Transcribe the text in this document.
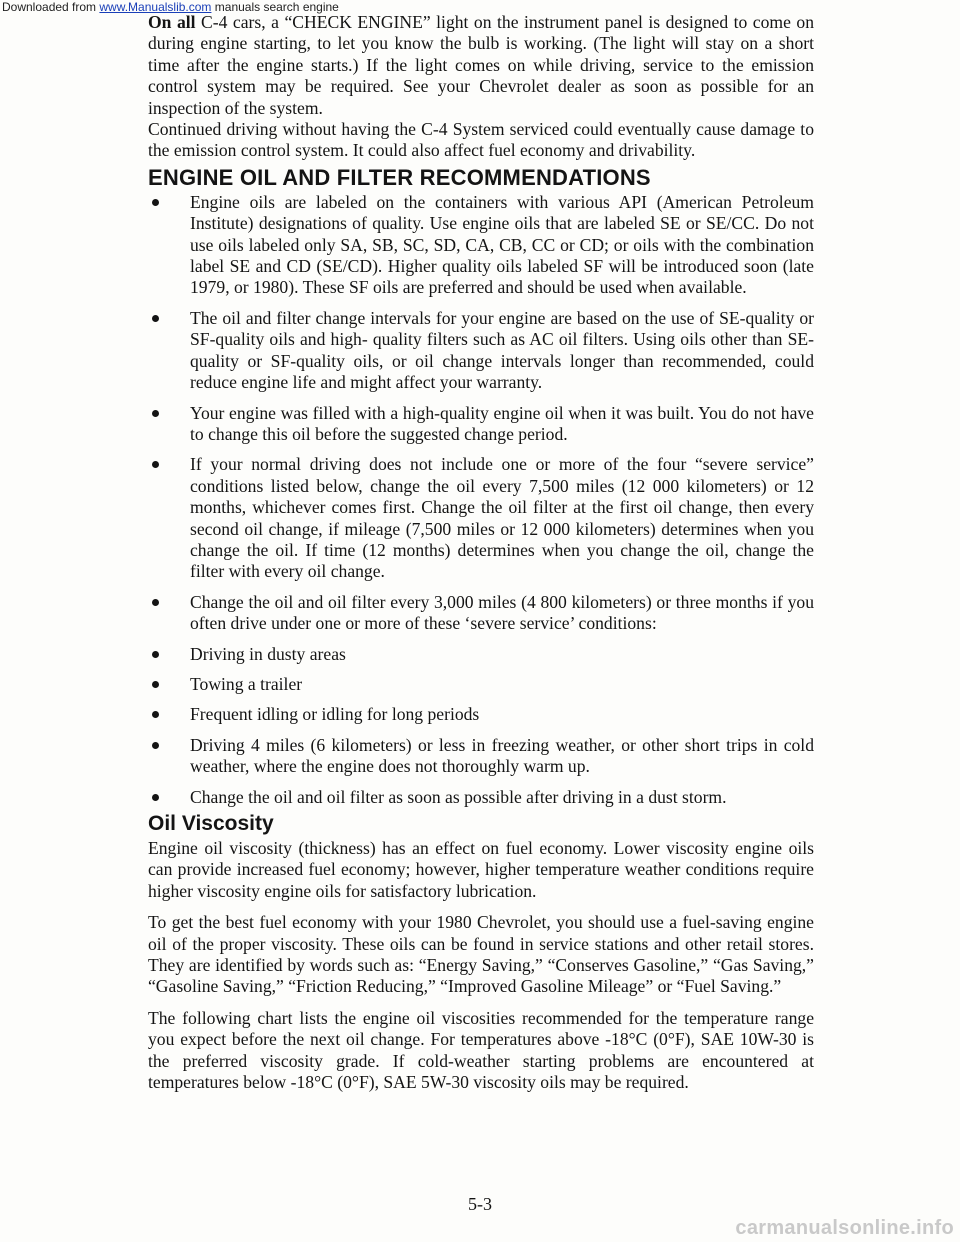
Downloaded from www.Manualslib.com manuals search engine

On all C-4 cars, a “CHECK ENGINE” light on the instrument panel is designed to come on during engine starting, to let you know the bulb is working. (The light will stay on a short time after the engine starts.) If the light comes on while driving, service to the emission control system may be required. See your Chevrolet dealer as soon as possible for an inspection of the system.

Continued driving without having the C-4 System serviced could eventually cause damage to the emission control system. It could also affect fuel economy and drivability.

ENGINE OIL AND FILTER RECOMMENDATIONS
Engine oils are labeled on the containers with various API (American Petroleum Institute) designations of quality. Use engine oils that are labeled SE or SE/CC. Do not use oils labeled only SA, SB, SC, SD, CA, CB, CC or CD; or oils with the combination label SE and CD (SE/CD). Higher quality oils labeled SF will be introduced soon (late 1979, or 1980). These SF oils are preferred and should be used when available.
The oil and filter change intervals for your engine are based on the use of SE-quality or SF-quality oils and high- quality filters such as AC oil filters. Using oils other than SE-quality or SF-quality oils, or oil change intervals longer than recommended, could reduce engine life and might affect your warranty.
Your engine was filled with a high-quality engine oil when it was built. You do not have to change this oil before the suggested change period.
If your normal driving does not include one or more of the four “severe service” conditions listed below, change the oil every 7,500 miles (12 000 kilometers) or 12 months, whichever comes first. Change the oil filter at the first oil change, then every second oil change, if mileage (7,500 miles or 12 000 kilometers) determines when you change the oil. If time (12 months) determines when you change the oil, change the filter with every oil change.
Change the oil and oil filter every 3,000 miles (4 800 kilometers) or three months if you often drive under one or more of these ‘severe service’ conditions:
Driving in dusty areas
Towing a trailer
Frequent idling or idling for long periods
Driving 4 miles (6 kilometers) or less in freezing weather, or other short trips in cold weather, where the engine does not thoroughly warm up.
Change the oil and oil filter as soon as possible after driving in a dust storm.
Oil Viscosity

Engine oil viscosity (thickness) has an effect on fuel economy. Lower viscosity engine oils can provide increased fuel economy; however, higher temperature weather conditions require higher viscosity engine oils for satisfactory lubrication.

To get the best fuel economy with your 1980 Chevrolet, you should use a fuel-saving engine oil of the proper viscosity. These oils can be found in service stations and other retail stores. They are identified by words such as: “Energy Saving,” “Conserves Gasoline,” “Gas Saving,” “Gasoline Saving,” “Friction Reducing,” “Improved Gasoline Mileage” or “Fuel Saving.”

The following chart lists the engine oil viscosities recommended for the temperature range you expect before the next oil change. For temperatures above -18°C (0°F), SAE 10W-30 is the preferred viscosity grade. If cold-weather starting problems are encountered at temperatures below -18°C (0°F), SAE 5W-30 viscosity oils may be required.

5-3
carmanualsonline.info
